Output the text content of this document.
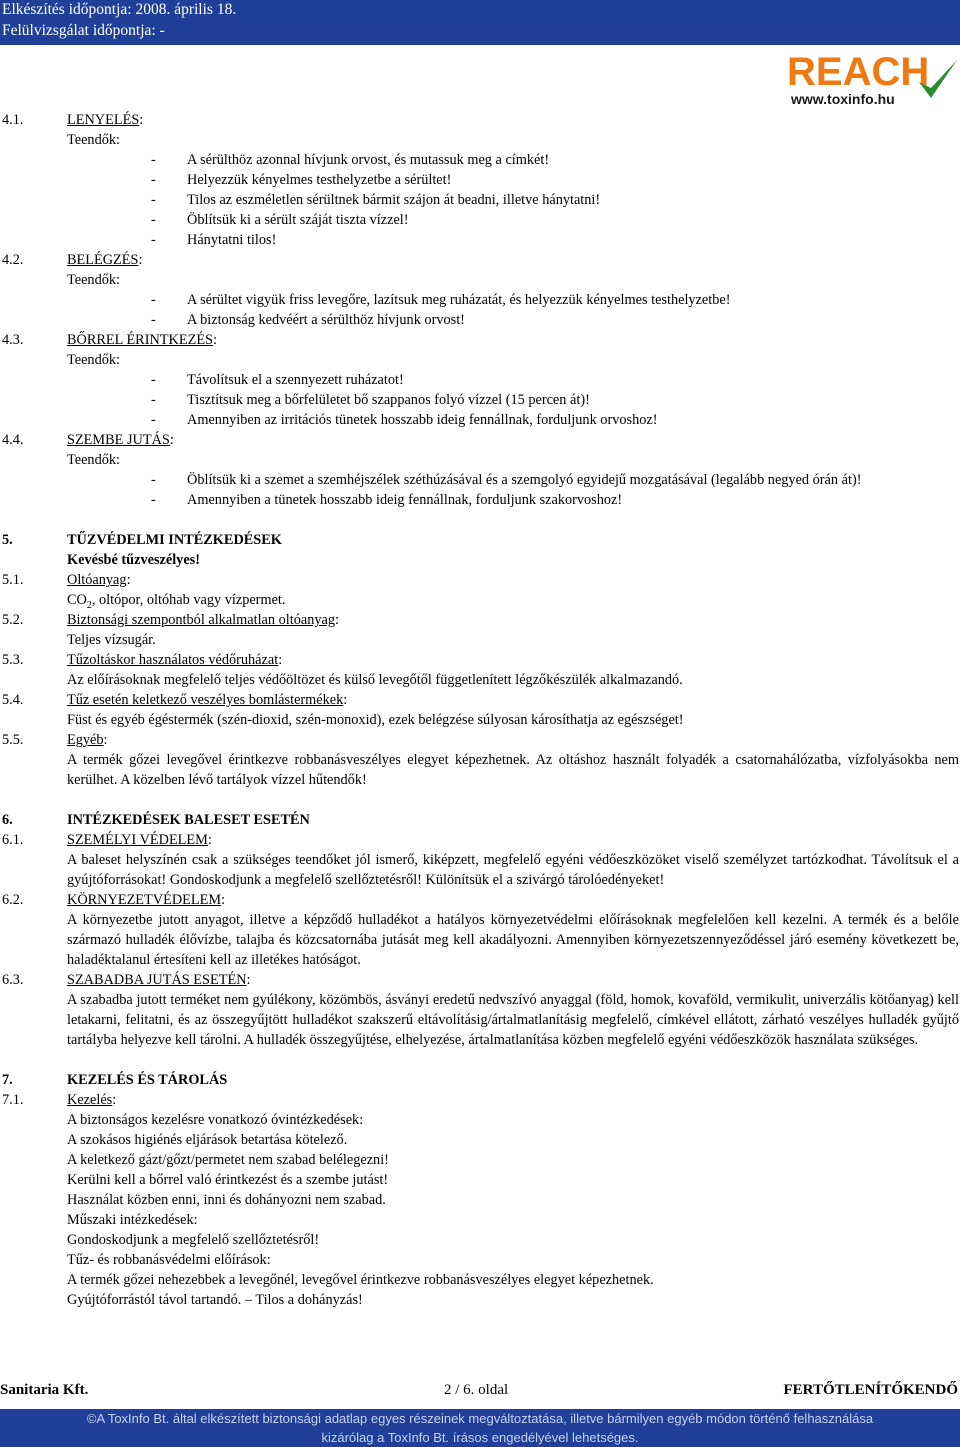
Elkészítés időpontja: 2008. április 18.
Felülvizsgálat időpontja: -
REACH
www.toxinfo.hu
4.1.	LENYELÉS:
Teendők:
- A sérülthöz azonnal hívjunk orvost, és mutassuk meg a címkét!
- Helyezzük kényelmes testhelyzetbe a sérültet!
- Tilos az eszméletlen sérültnek bármit szájon át beadni, illetve hánytatni!
- Öblítsük ki a sérült száját tiszta vízzel!
- Hánytatni tilos!
4.2.	BELÉGZÉS:
Teendők:
- A sérültet vigyük friss levegőre, lazítsuk meg ruházatát, és helyezzük kényelmes testhelyzetbe!
- A biztonság kedvéért a sérülthöz hívjunk orvost!
4.3.	BŐRREL ÉRINTKEZÉS:
Teendők:
- Távolítsuk el a szennyezett ruházatot!
- Tisztítsuk meg a bőrfelületet bő szappanos folyó vízzel (15 percen át)!
- Amennyiben az irritációs tünetek hosszabb ideig fennállnak, forduljunk orvoshoz!
4.4.	SZEMBE JUTÁS:
Teendők:
- Öblítsük ki a szemet a szemhéjszélek széthúzásával és a szemgolyó egyidejű mozgatásával (legalább negyed órán át)!
- Amennyiben a tünetek hosszabb ideig fennállnak, forduljunk szakorvoshoz!
5.	TŰZVÉDELMI INTÉZKEDÉSEK
Kevésbé tűzveszélyes!
5.1.	Oltóanyag:
$CO_2$, oltópor, oltóhab vagy vízpermet.
5.2.	Biztonsági szempontból alkalmatlan oltóanyag:
Teljes vízsugár.
5.3.	Tűzoltáskor használatos védőruházat:
Az előírásoknak megfelelő teljes védőöltözet és külső levegőtől függetlenített légzőkészülék alkalmazandó.
5.4.	Tűz esetén keletkező veszélyes bomlástermékek:
Füst és egyéb égéstermék (szén-dioxid, szén-monoxid), ezek belégzése súlyosan károsíthatja az egészséget!
5.5.	Egyéb:
A termék gőzei levegővel érintkezve robbanásveszélyes elegyet képezhetnek. Az oltáshoz használt folyadék a csatornahálózatba, vízfolyásokba nem kerülhet. A közelben lévő tartályok vízzel hűtendők!
6.	INTÉZKEDÉSEK BALESET ESETÉN
6.1.	SZEMÉLYI VÉDELEM:
A baleset helyszínén csak a szükséges teendőket jól ismerő, kiképzett, megfelelő egyéni védőeszközöket viselő személyzet tartózkodhat. Távolítsuk el a gyújtóforrásokat! Gondoskodjunk a megfelelő szellőztetésről! Különítsük el a szivárgó tárolóedényeket!
6.2.	KÖRNYEZETVÉDELEM:
A környezetbe jutott anyagot, illetve a képződő hulladékot a hatályos környezetvédelmi előírásoknak megfelelően kell kezelni. A termék és a belőle származó hulladék élővízbe, talajba és közcsatornába jutását meg kell akadályozni. Amennyiben környezetszennyeződéssel járó esemény következett be, haladéktalanul értesíteni kell az illetékes hatóságot.
6.3.	SZABADBA JUTÁS ESETÉN:
A szabadba jutott terméket nem gyúlékony, közömbös, ásványi eredetű nedvszívó anyaggal (föld, homok, kovaföld, vermikulit, univerzális kötőanyag) kell letakarni, felitatni, és az összegyűjtött hulladékot szakszerű eltávolításig/ártalmatlanításig megfelelő, címkével ellátott, zárható veszélyes hulladék gyűjtő tartályba helyezve kell tárolni. A hulladék összegyűjtése, elhelyezése, ártalmatlanítása közben megfelelő egyéni védőeszközök használata szükséges.
7.	KEZELÉS ÉS TÁROLÁS
7.1.	Kezelés:
A biztonságos kezelésre vonatkozó óvintézkedések:
A szokásos higiénés eljárások betartása kötelező.
A keletkező gázt/gőzt/permetet nem szabad belélegezni!
Kerülni kell a bőrrel való érintkezést és a szembe jutást!
Használat közben enni, inni és dohányozni nem szabad.
Műszaki intézkedések:
Gondoskodjunk a megfelelő szellőztetésről!
Tűz- és robbanásvédelmi előírások:
A termék gőzei nehezebbek a levegőnél, levegővel érintkezve robbanásveszélyes elegyet képezhetnek.
Gyújtóforrástól távol tartandó. – Tilos a dohányzás!
Sanitaria Kft.	2 / 6. oldal	FERTŐTLENÍTŐKENDŐ
©A ToxInfo Bt. által elkészített biztonsági adatlap egyes részeinek megváltoztatása, illetve bármilyen egyéb módon történő felhasználása
kizárólag a ToxInfo Bt. írásos engedélyével lehetséges.
